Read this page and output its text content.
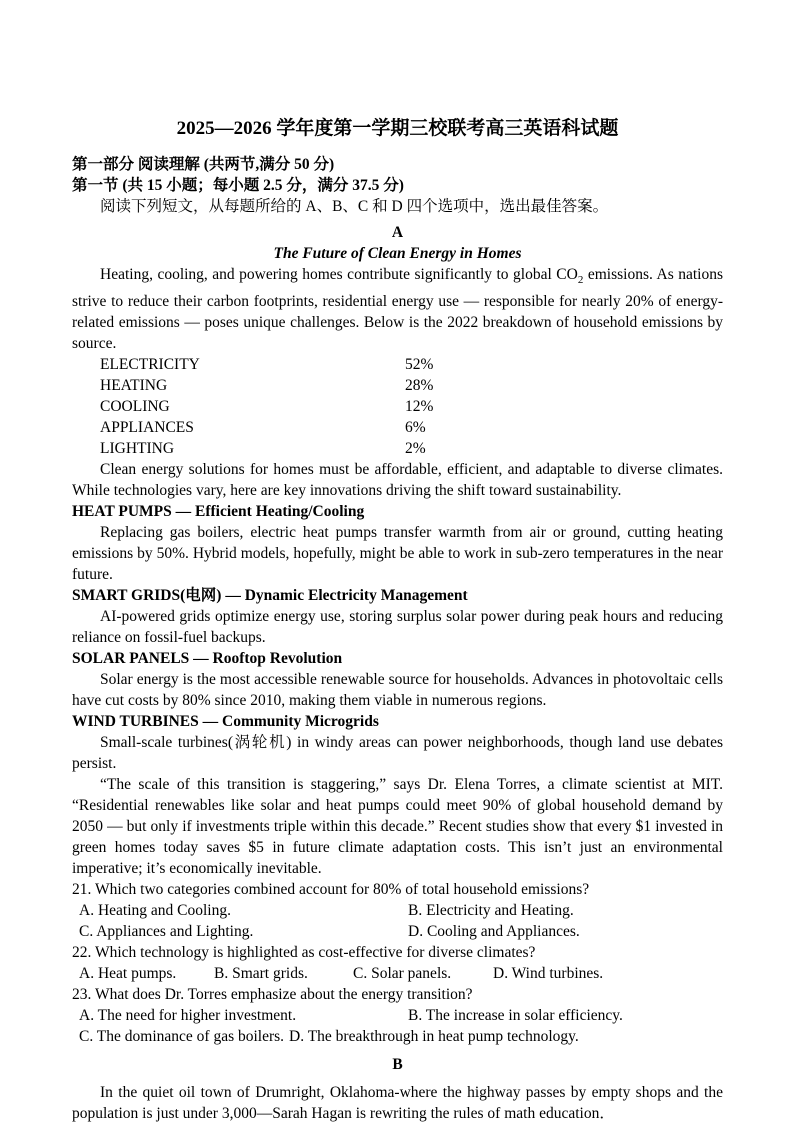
2025—2026 学年度第一学期三校联考高三英语科试题

第一部分 阅读理解 (共两节,满分 50 分)

第一节 (共 15 小题；每小题 2.5 分，满分 37.5 分)

阅读下列短文，从每题所给的 A、B、C 和 D 四个选项中，选出最佳答案。

A

The Future of Clean Energy in Homes

Heating, cooling, and powering homes contribute significantly to global $CO_2$ emissions. As nations strive to reduce their carbon footprints, residential energy use — responsible for nearly 20% of energy-related emissions — poses unique challenges. Below is the 2022 breakdown of household emissions by source.

ELECTRICITY	52%
HEATING	28%
COOLING	12%
APPLIANCES	6%
LIGHTING	2%

Clean energy solutions for homes must be affordable, efficient, and adaptable to diverse climates. While technologies vary, here are key innovations driving the shift toward sustainability.

HEAT PUMPS — Efficient Heating/Cooling

Replacing gas boilers, electric heat pumps transfer warmth from air or ground, cutting heating emissions by 50%. Hybrid models, hopefully, might be able to work in sub-zero temperatures in the near future.

SMART GRIDS(电网) — Dynamic Electricity Management

AI-powered grids optimize energy use, storing surplus solar power during peak hours and reducing reliance on fossil-fuel backups.

SOLAR PANELS — Rooftop Revolution

Solar energy is the most accessible renewable source for households. Advances in photovoltaic cells have cut costs by 80% since 2010, making them viable in numerous regions.

WIND TURBINES — Community Microgrids

Small-scale turbines(涡轮机) in windy areas can power neighborhoods, though land use debates persist.

“The scale of this transition is staggering,” says Dr. Elena Torres, a climate scientist at MIT. “Residential renewables like solar and heat pumps could meet 90% of global household demand by 2050 — but only if investments triple within this decade.” Recent studies show that every $1 invested in green homes today saves $5 in future climate adaptation costs. This isn’t just an environmental imperative; it’s economically inevitable.

21. Which two categories combined account for 80% of total household emissions?

A. Heating and Cooling.	B. Electricity and Heating.
C. Appliances and Lighting.	D. Cooling and Appliances.

22. Which technology is highlighted as cost-effective for diverse climates?

A. Heat pumps.	B. Smart grids.	C. Solar panels.	D. Wind turbines.

23. What does Dr. Torres emphasize about the energy transition?

A. The need for higher investment.	B. The increase in solar efficiency.
C. The dominance of gas boilers. D. The breakthrough in heat pump technology.

B

In the quiet oil town of Drumright, Oklahoma-where the highway passes by empty shops and the population is just under 3,000—Sarah Hagan is rewriting the rules of math education．
